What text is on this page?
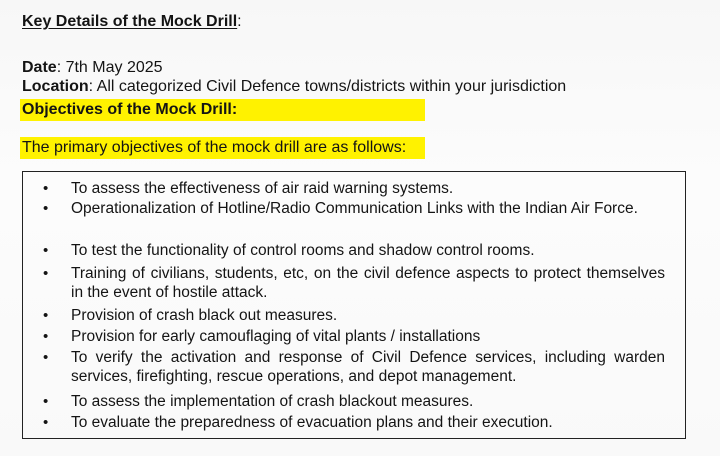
Key Details of the Mock Drill:
Date: 7th May 2025
Location: All categorized Civil Defence towns/districts within your jurisdiction
Objectives of the Mock Drill:
The primary objectives of the mock drill are as follows:
• To assess the effectiveness of air raid warning systems.
• Operationalization of Hotline/Radio Communication Links with the Indian Air Force.
• To test the functionality of control rooms and shadow control rooms.
• Training of civilians, students, etc, on the civil defence aspects to protect themselves in the event of hostile attack.
• Provision of crash black out measures.
• Provision for early camouflaging of vital plants / installations
• To verify the activation and response of Civil Defence services, including warden services, firefighting, rescue operations, and depot management.
• To assess the implementation of crash blackout measures.
• To evaluate the preparedness of evacuation plans and their execution.
